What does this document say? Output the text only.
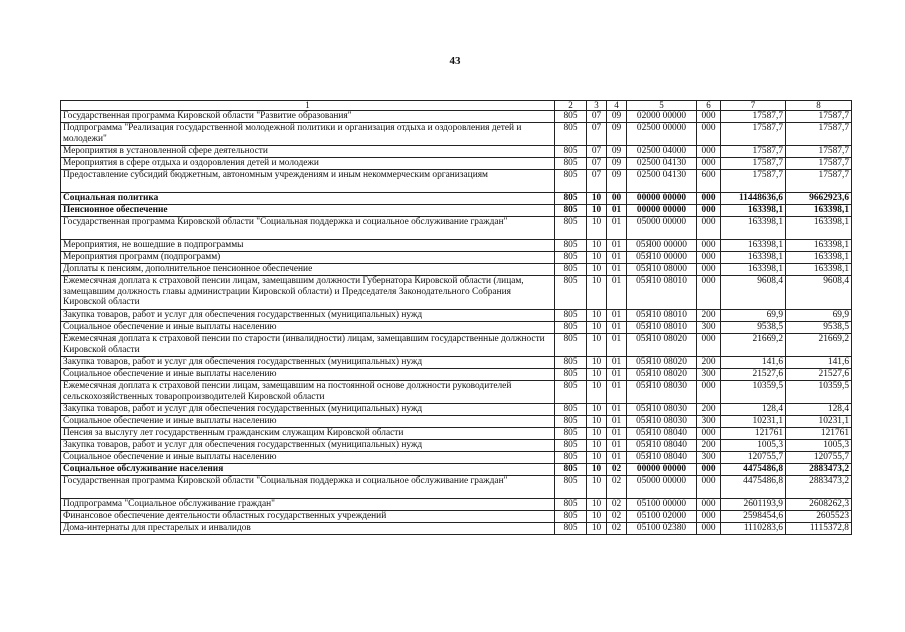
43
1	2	3	4	5	6	7	8
Государственная программа Кировской области "Развитие образования"	805	07	09	02000 00000	000	17587,7	17587,7
Подпрограмма "Реализация государственной молодежной политики и организация отдыха и оздоровления детей и молодежи"	805	07	09	02500 00000	000	17587,7	17587,7
Мероприятия в установленной сфере деятельности	805	07	09	02500 04000	000	17587,7	17587,7
Мероприятия в сфере отдыха и оздоровления детей и молодежи	805	07	09	02500 04130	000	17587,7	17587,7
Предоставление субсидий бюджетным, автономным учреждениям и иным некоммерческим организациям	805	07	09	02500 04130	600	17587,7	17587,7
Социальная политика	805	10	00	00000 00000	000	11448636,6	9662923,6
Пенсионное обеспечение	805	10	01	00000 00000	000	163398,1	163398,1
Государственная программа Кировской области "Социальная поддержка и социальное обслуживание граждан"	805	10	01	05000 00000	000	163398,1	163398,1
Мероприятия, не вошедшие в подпрограммы	805	10	01	05Я00 00000	000	163398,1	163398,1
Мероприятия программ (подпрограмм)	805	10	01	05Я10 00000	000	163398,1	163398,1
Доплаты к пенсиям, дополнительное пенсионное обеспечение	805	10	01	05Я10 08000	000	163398,1	163398,1
Ежемесячная доплата к страховой пенсии лицам, замещавшим должности Губернатора Кировской области (лицам, замещавшим должность главы администрации Кировской области) и Председателя Законодательного Собрания Кировской области	805	10	01	05Я10 08010	000	9608,4	9608,4
Закупка товаров, работ и услуг для обеспечения государственных (муниципальных) нужд	805	10	01	05Я10 08010	200	69,9	69,9
Социальное обеспечение и иные выплаты населению	805	10	01	05Я10 08010	300	9538,5	9538,5
Ежемесячная доплата к страховой пенсии по старости (инвалидности) лицам, замещавшим государственные должности Кировской области	805	10	01	05Я10 08020	000	21669,2	21669,2
Закупка товаров, работ и услуг для обеспечения государственных (муниципальных) нужд	805	10	01	05Я10 08020	200	141,6	141,6
Социальное обеспечение и иные выплаты населению	805	10	01	05Я10 08020	300	21527,6	21527,6
Ежемесячная доплата к страховой пенсии лицам, замещавшим на постоянной основе должности руководителей сельскохозяйственных товаропроизводителей Кировской области	805	10	01	05Я10 08030	000	10359,5	10359,5
Закупка товаров, работ и услуг для обеспечения государственных (муниципальных) нужд	805	10	01	05Я10 08030	200	128,4	128,4
Социальное обеспечение и иные выплаты населению	805	10	01	05Я10 08030	300	10231,1	10231,1
Пенсия за выслугу лет государственным гражданским служащим Кировской области	805	10	01	05Я10 08040	000	121761	121761
Закупка товаров, работ и услуг для обеспечения государственных (муниципальных) нужд	805	10	01	05Я10 08040	200	1005,3	1005,3
Социальное обеспечение и иные выплаты населению	805	10	01	05Я10 08040	300	120755,7	120755,7
Социальное обслуживание населения	805	10	02	00000 00000	000	4475486,8	2883473,2
Государственная программа Кировской области "Социальная поддержка и социальное обслуживание граждан"	805	10	02	05000 00000	000	4475486,8	2883473,2
Подпрограмма "Социальное обслуживание граждан"	805	10	02	05100 00000	000	2601193,9	2608262,3
Финансовое обеспечение деятельности областных государственных учреждений	805	10	02	05100 02000	000	2598454,6	2605523
Дома-интернаты для престарелых и инвалидов	805	10	02	05100 02380	000	1110283,6	1115372,8
